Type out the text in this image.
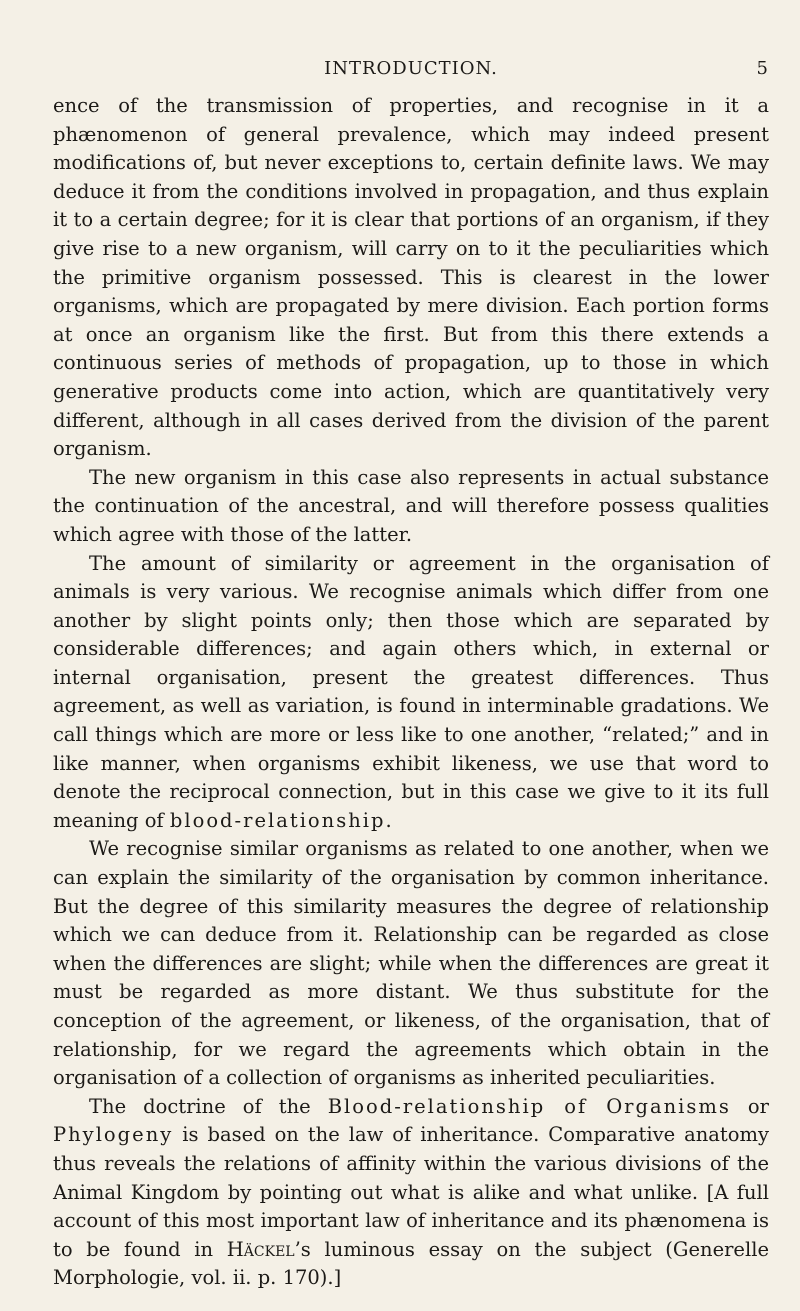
INTRODUCTION.	5

ence of the transmission of properties, and recognise in it a phænomenon of general prevalence, which may indeed present modifications of, but never exceptions to, certain definite laws. We may deduce it from the conditions involved in propagation, and thus explain it to a certain degree; for it is clear that portions of an organism, if they give rise to a new organism, will carry on to it the peculiarities which the primitive organism possessed. This is clearest in the lower organisms, which are propagated by mere division. Each portion forms at once an organism like the first. But from this there extends a continuous series of methods of propagation, up to those in which generative products come into action, which are quantitatively very different, although in all cases derived from the division of the parent organism.

The new organism in this case also represents in actual substance the continuation of the ancestral, and will therefore possess qualities which agree with those of the latter.

The amount of similarity or agreement in the organisation of animals is very various. We recognise animals which differ from one another by slight points only; then those which are separated by considerable differences; and again others which, in external or internal organisation, present the greatest differences. Thus agreement, as well as variation, is found in interminable gradations. We call things which are more or less like to one another, “related;” and in like manner, when organisms exhibit likeness, we use that word to denote the reciprocal connection, but in this case we give to it its full meaning of blood-relationship.

We recognise similar organisms as related to one another, when we can explain the similarity of the organisation by common inheritance. But the degree of this similarity measures the degree of relationship which we can deduce from it. Relationship can be regarded as close when the differences are slight; while when the differences are great it must be regarded as more distant. We thus substitute for the conception of the agreement, or likeness, of the organisation, that of relationship, for we regard the agreements which obtain in the organisation of a collection of organisms as inherited peculiarities.

The doctrine of the Blood-relationship of Organisms or Phylogeny is based on the law of inheritance. Comparative anatomy thus reveals the relations of affinity within the various divisions of the Animal Kingdom by pointing out what is alike and what unlike. [A full account of this most important law of inheritance and its phænomena is to be found in Häckel’s luminous essay on the subject (Generelle Morphologie, vol. ii. p. 170).]
